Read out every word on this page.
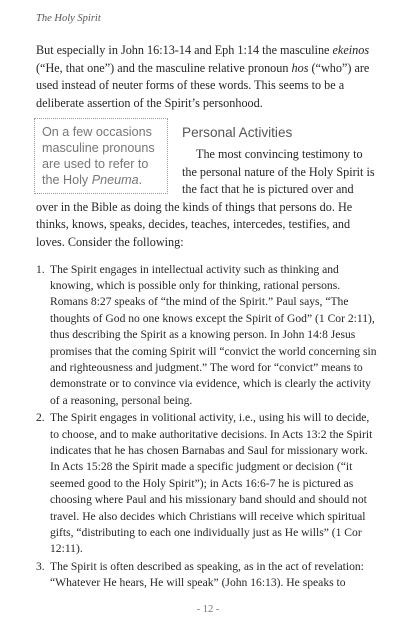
The Holy Spirit

But especially in John 16:13-14 and Eph 1:14 the masculine ekeinos (“He, that one”) and the masculine relative pronoun hos (“who”) are used instead of neuter forms of these words. This seems to be a deliberate assertion of the Spirit’s personhood.

On a few occasions masculine pronouns are used to refer to the Holy Pneuma.
Personal Activities

The most convincing testimony to the personal nature of the Holy Spirit is the fact that he is pictured over and over in the Bible as doing the kinds of things that persons do. He thinks, knows, speaks, decides, teaches, intercedes, testifies, and loves. Consider the following:

1. The Spirit engages in intellectual activity such as thinking and knowing, which is possible only for thinking, rational persons. Romans 8:27 speaks of “the mind of the Spirit.” Paul says, “The thoughts of God no one knows except the Spirit of God” (1 Cor 2:11), thus describing the Spirit as a knowing person. In John 14:8 Jesus promises that the coming Spirit will “convict the world concerning sin and righteousness and judgment.” The word for “convict” means to demonstrate or to convince via evidence, which is clearly the activity of a reasoning, personal being.
2. The Spirit engages in volitional activity, i.e., using his will to decide, to choose, and to make authoritative decisions. In Acts 13:2 the Spirit indicates that he has chosen Barnabas and Saul for missionary work. In Acts 15:28 the Spirit made a specific judgment or decision (“it seemed good to the Holy Spirit”); in Acts 16:6-7 he is pictured as choosing where Paul and his missionary band should and should not travel. He also decides which Christians will receive which spiritual gifts, “distributing to each one individually just as He wills” (1 Cor 12:11).
3. The Spirit is often described as speaking, as in the act of revelation: “Whatever He hears, He will speak” (John 16:13). He speaks to
- 12 -
